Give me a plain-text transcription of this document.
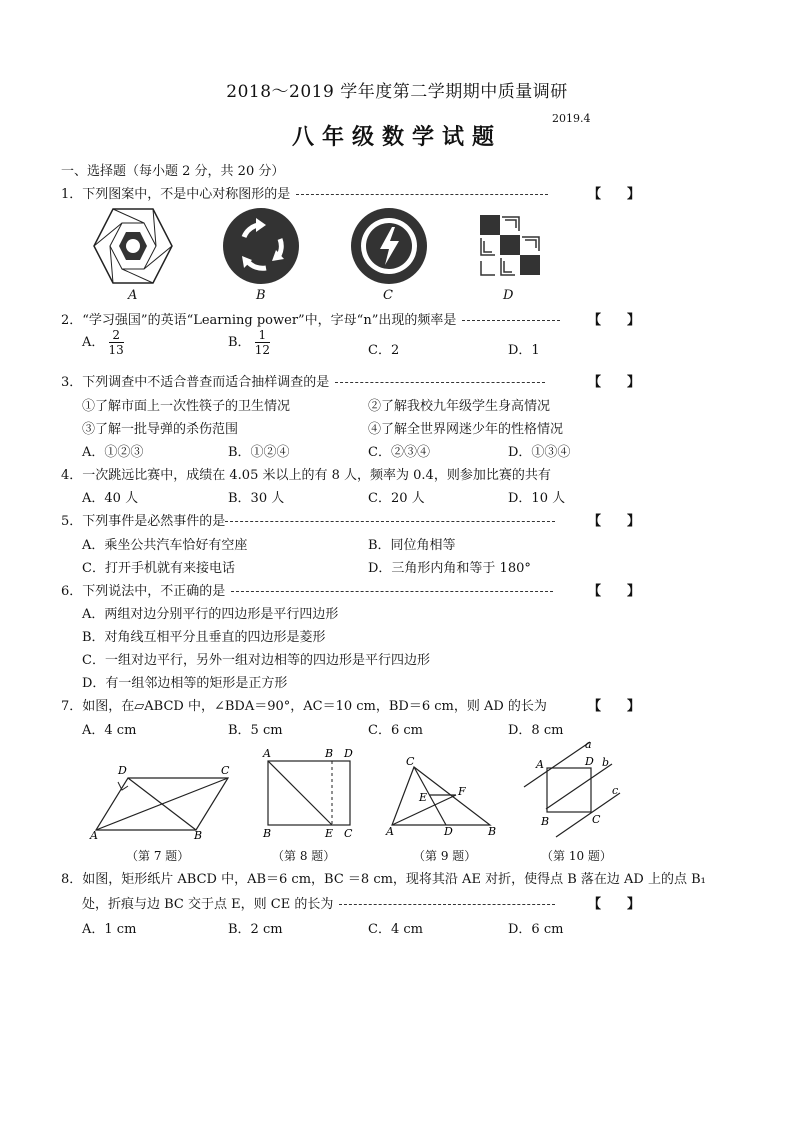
2018～2019 学年度第二学期期中质量调研
八年级数学试题
2019.4
一、选择题（每小题 2 分，共 20 分）
1．下列图案中，不是中心对称图形的是	【　　】
A	B	C	D
2．“学习强国”的英语“Learning power”中，字母“n”出现的频率是	【　　】
A． $\frac{2}{13}$	B． $\frac{1}{12}$	C．2	D．1
3．下列调查中不适合普查而适合抽样调查的是	【　　】
①了解市面上一次性筷子的卫生情况	②了解我校九年级学生身高情况
③了解一批导弹的杀伤范围	④了解全世界网迷少年的性格情况
A．①②③	B．①②④	C．②③④	D．①③④
4．一次跳远比赛中，成绩在 4.05 米以上的有 8 人，频率为 0.4，则参加比赛的共有
A．40 人	B．30 人	C．20 人	D．10 人
5．下列事件是必然事件的是	【　　】
A．乘坐公共汽车恰好有空座	B．同位角相等
C．打开手机就有来接电话	D．三角形内角和等于 180°
6．下列说法中，不正确的是	【　　】
A．两组对边分别平行的四边形是平行四边形
B．对角线互相平分且垂直的四边形是菱形
C．一组对边平行，另外一组对边相等的四边形是平行四边形
D．有一组邻边相等的矩形是正方形
7．如图，在▱ABCD 中，∠BDA＝90°，AC＝10 cm，BD＝6 cm，则 AD 的长为	【　　】
A．4 cm	B．5 cm	C．6 cm	D．8 cm
A	B
C
D
A
B
D
B
E C
C
E	F
A	D	B
a
b
c
A	D
B	C
（第 7 题）	（第 8 题）	（第 9 题）	（第 10 题）
8．如图，矩形纸片 ABCD 中，AB＝6 cm，BC ＝8 cm，现将其沿 AE 对折，使得点 B 落在边 AD 上的点 B₁
处，折痕与边 BC 交于点 E，则 CE 的长为	【　　】
A．1 cm	B．2 cm	C．4 cm	D．6 cm
